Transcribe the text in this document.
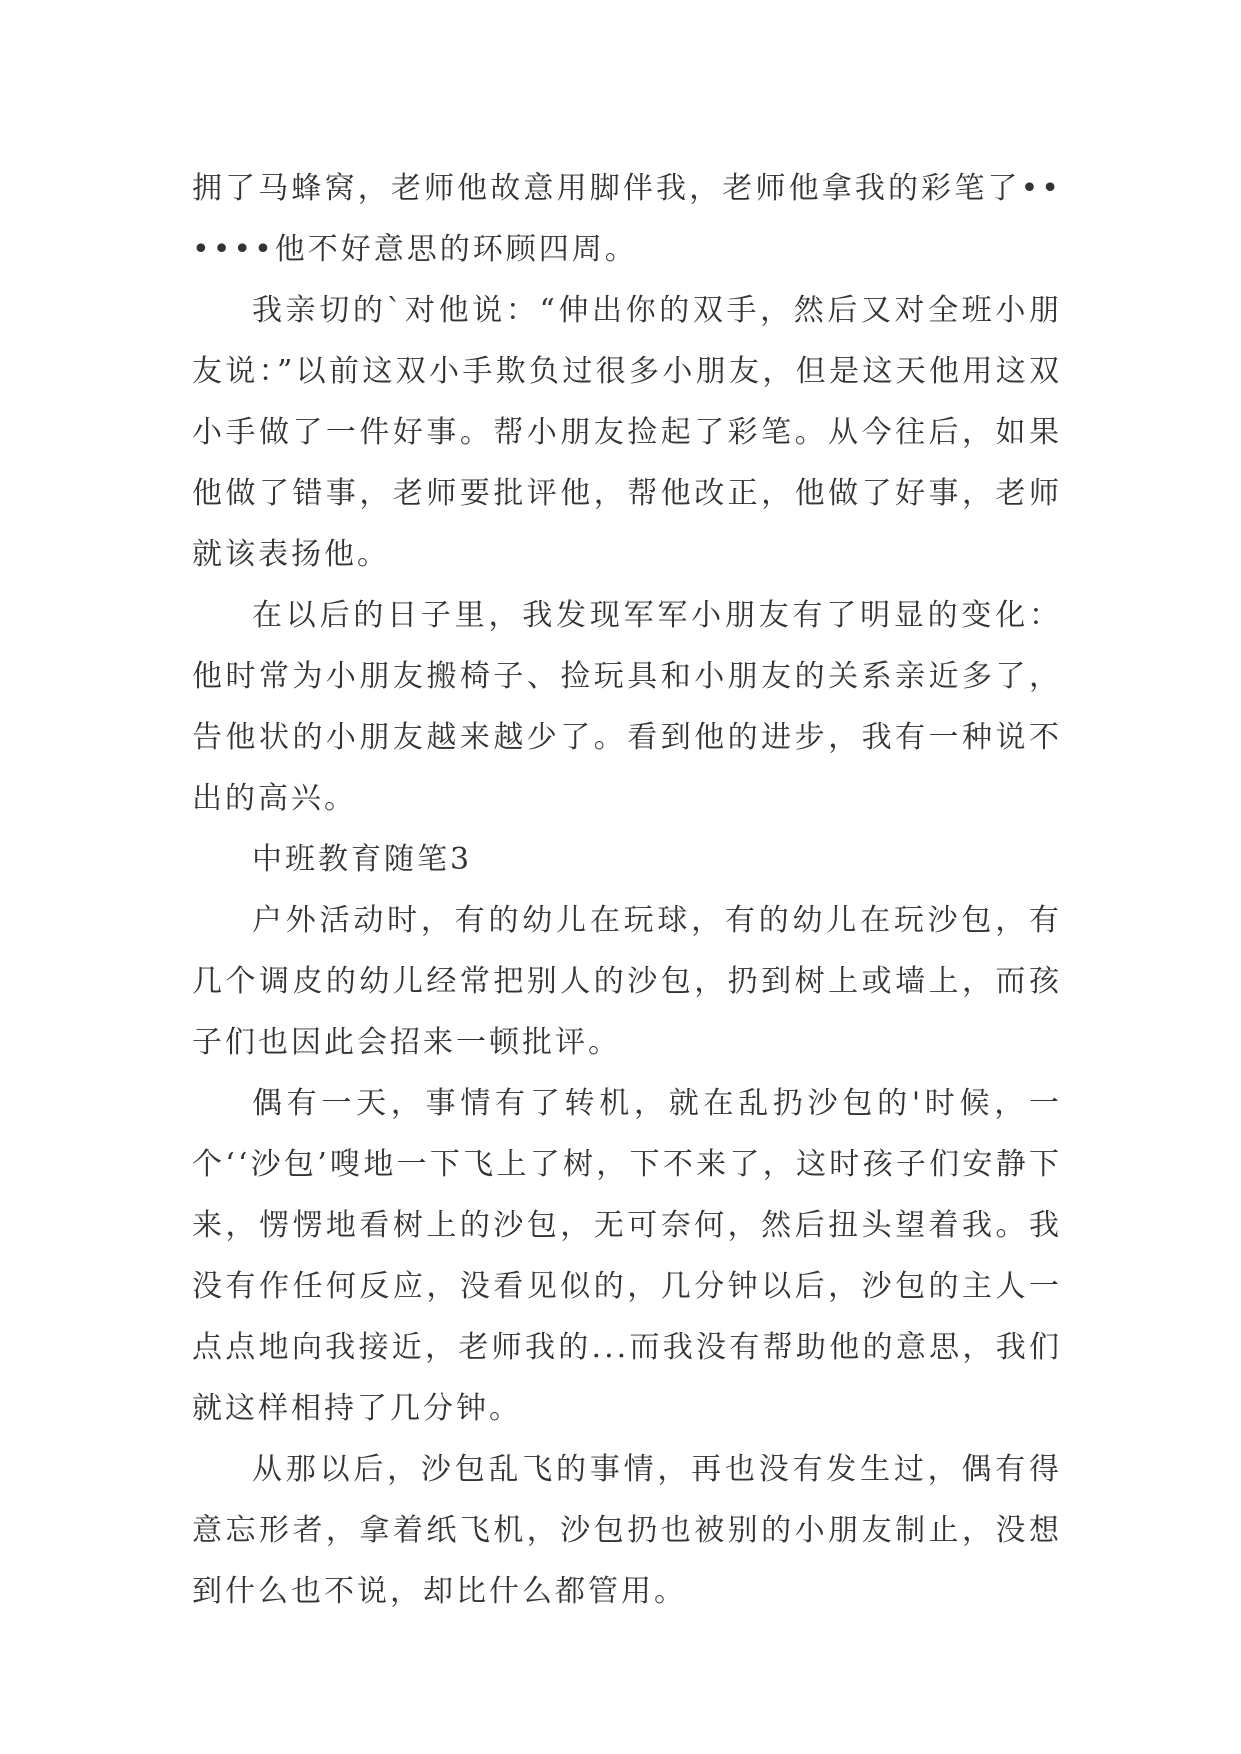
拥了马蜂窝，老师他故意用脚伴我，老师他拿我的彩笔了••••••他不好意思的环顾四周。

我亲切的`对他说：“伸出你的双手，然后又对全班小朋友说：”以前这双小手欺负过很多小朋友，但是这天他用这双小手做了一件好事。帮小朋友捡起了彩笔。从今往后，如果他做了错事，老师要批评他，帮他改正，他做了好事，老师就该表扬他。

在以后的日子里，我发现军军小朋友有了明显的变化：他时常为小朋友搬椅子、捡玩具和小朋友的关系亲近多了，告他状的小朋友越来越少了。看到他的进步，我有一种说不出的高兴。

中班教育随笔3

户外活动时，有的幼儿在玩球，有的幼儿在玩沙包，有几个调皮的幼儿经常把别人的沙包，扔到树上或墙上，而孩子们也因此会招来一顿批评。

偶有一天，事情有了转机，就在乱扔沙包的'时候，一个‘‘沙包’嗖地一下飞上了树，下不来了，这时孩子们安静下来，愣愣地看树上的沙包，无可奈何，然后扭头望着我。我没有作任何反应，没看见似的，几分钟以后，沙包的主人一点点地向我接近，老师我的...而我没有帮助他的意思，我们就这样相持了几分钟。

从那以后，沙包乱飞的事情，再也没有发生过，偶有得意忘形者，拿着纸飞机，沙包扔也被别的小朋友制止，没想到什么也不说，却比什么都管用。
